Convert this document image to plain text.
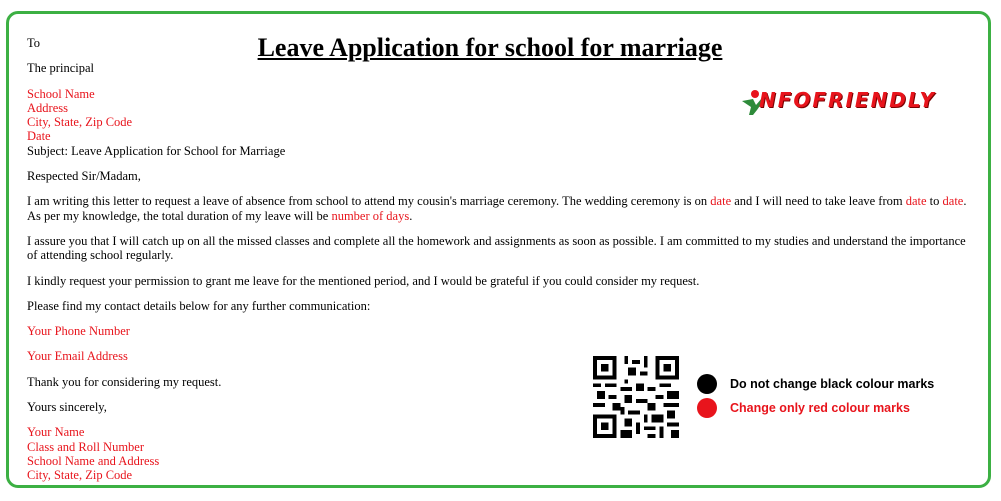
Leave Application for school for marriage
NFOFRIENDLY

To

The principal

School Name

Address

City, State, Zip Code

Date

Subject: Leave Application for School for Marriage

Respected Sir/Madam,

I am writing this letter to request a leave of absence from school to attend my cousin's marriage ceremony. The wedding ceremony is on date and I will need to take leave from date to date. As per my knowledge, the total duration of my leave will be number of days.

I assure you that I will catch up on all the missed classes and complete all the homework and assignments as soon as possible. I am committed to my studies and understand the importance of attending school regularly.

I kindly request your permission to grant me leave for the mentioned period, and I would be grateful if you could consider my request.

Please find my contact details below for any further communication:

Your Phone Number

Your Email Address

Thank you for considering my request.

Yours sincerely,

Your Name

Class and Roll Number

School Name and Address

City, State, Zip Code

Do not change black colour marks
Change only red colour marks
